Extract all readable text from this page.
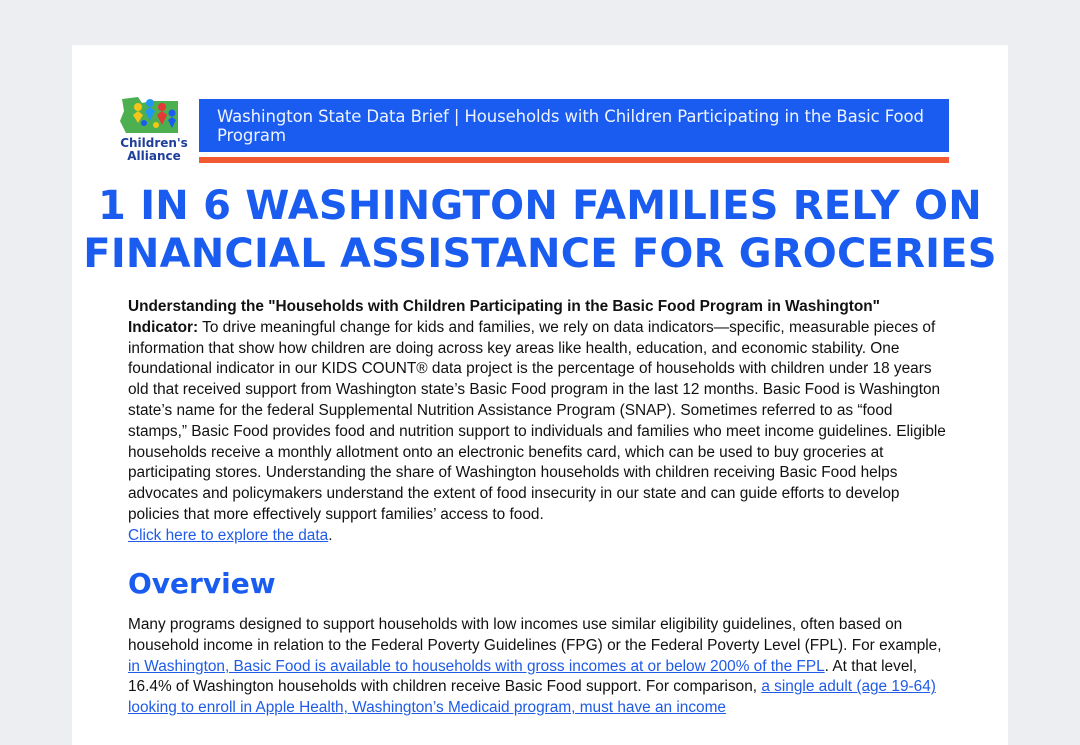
Children's
Alliance
Washington State Data Brief | Households with Children Participating in the Basic Food Program
1 IN 6 WASHINGTON FAMILIES RELY ON
FINANCIAL ASSISTANCE FOR GROCERIES
Understanding the "Households with Children Participating in the Basic Food Program in Washington" Indicator: To drive meaningful change for kids and families, we rely on data indicators—specific, measurable pieces of information that show how children are doing across key areas like health, education, and economic stability. One foundational indicator in our KIDS COUNT® data project is the percentage of households with children under 18 years old that received support from Washington state’s Basic Food program in the last 12 months. Basic Food is Washington state’s name for the federal Supplemental Nutrition Assistance Program (SNAP). Sometimes referred to as “food stamps,” Basic Food provides food and nutrition support to individuals and families who meet income guidelines. Eligible households receive a monthly allotment onto an electronic benefits card, which can be used to buy groceries at participating stores. Understanding the share of Washington households with children receiving Basic Food helps advocates and policymakers understand the extent of food insecurity in our state and can guide efforts to develop policies that more effectively support families’ access to food.
Click here to explore the data.
Overview
Many programs designed to support households with low incomes use similar eligibility guidelines, often based on household income in relation to the Federal Poverty Guidelines (FPG) or the Federal Poverty Level (FPL). For example, in Washington, Basic Food is available to households with gross incomes at or below 200% of the FPL. At that level, 16.4% of Washington households with children receive Basic Food support. For comparison, a single adult (age 19-64) looking to enroll in Apple Health, Washington’s Medicaid program, must have an income
